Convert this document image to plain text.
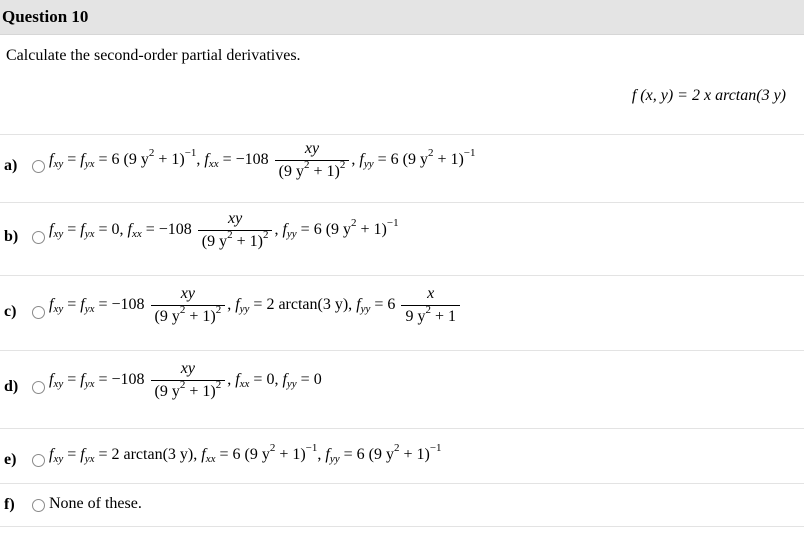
Question 10
Calculate the second-order partial derivatives.
f (x, y) = 2 x arctan(3 y)
a) fxy = fyx = 6 (9 $y^2 + 1)^{-1}$, fxx = $-108 \frac{xy}{(9 y^2 + 1)^2}$ , fyy = 6 (9 $y^2 + 1)^{-1}$
b) fxy = fyx = 0, fxx = $-108 \frac{xy}{(9 y^2 + 1)^2}$ , fyy = 6 (9 $y^2 + 1)^{-1}$
c) fxy = fyx = $-108 \frac{xy}{(9 y^2 + 1)^2}$ , fyy = 2 arctan(3 y), fyy = $6 \frac{x}{9 y^2 + 1}$
d) fxy = fyx = $-108 \frac{xy}{(9 y^2 + 1)^2}$ , fxx = 0, fyy = 0
e) fxy = fyx = 2 arctan(3 y), fxx = 6 (9 $y^2 + 1)^{-1}$, fyy = 6 (9 $y^2 + 1)^{-1}$
f) None of these.
